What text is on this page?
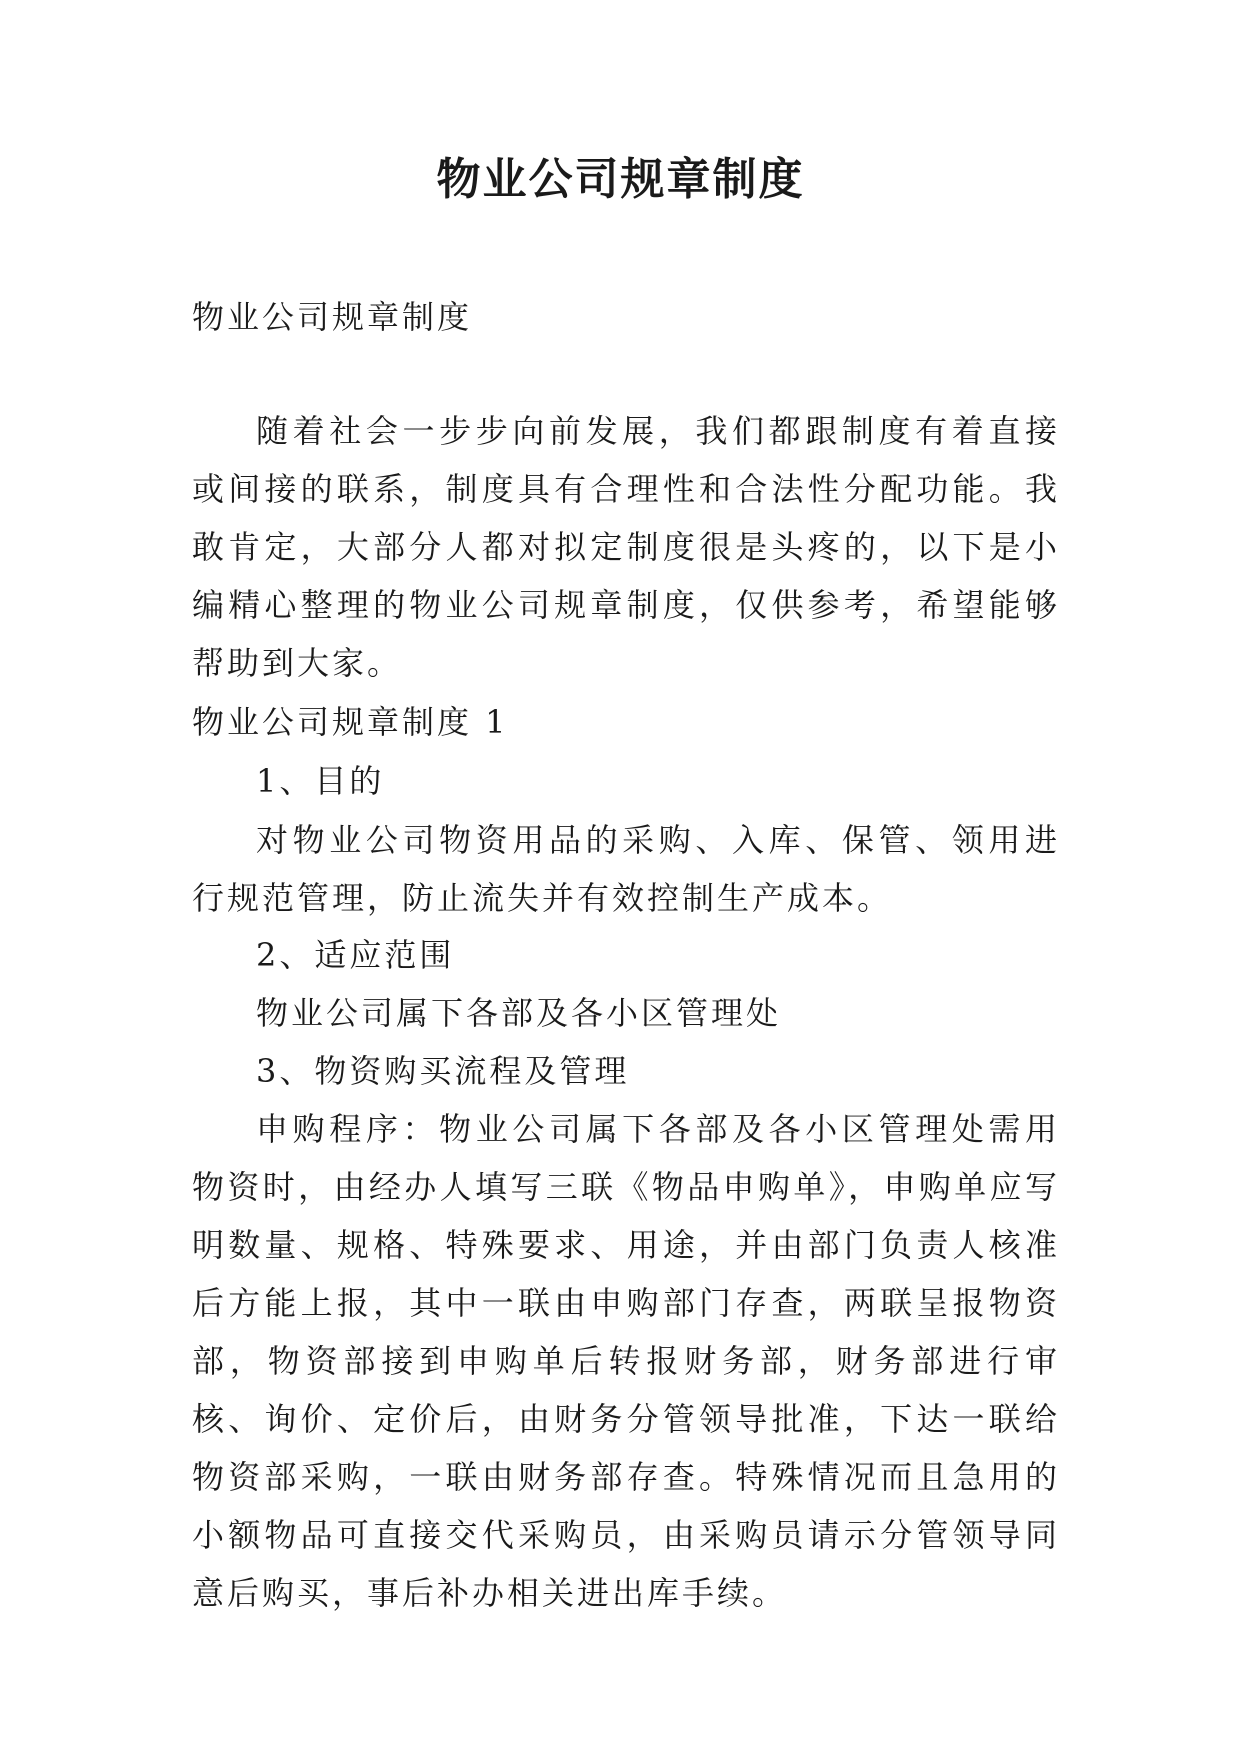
物业公司规章制度

物业公司规章制度

随着社会一步步向前发展，我们都跟制度有着直接或间接的联系，制度具有合理性和合法性分配功能。我敢肯定，大部分人都对拟定制度很是头疼的，以下是小编精心整理的物业公司规章制度，仅供参考，希望能够帮助到大家。

物业公司规章制度 1

1、目的

对物业公司物资用品的采购、入库、保管、领用进行规范管理，防止流失并有效控制生产成本。

2、适应范围

物业公司属下各部及各小区管理处

3、物资购买流程及管理

申购程序：物业公司属下各部及各小区管理处需用物资时，由经办人填写三联《物品申购单》，申购单应写明数量、规格、特殊要求、用途，并由部门负责人核准后方能上报，其中一联由申购部门存查，两联呈报物资部，物资部接到申购单后转报财务部，财务部进行审核、询价、定价后，由财务分管领导批准，下达一联给物资部采购，一联由财务部存查。特殊情况而且急用的小额物品可直接交代采购员，由采购员请示分管领导同意后购买，事后补办相关进出库手续。
